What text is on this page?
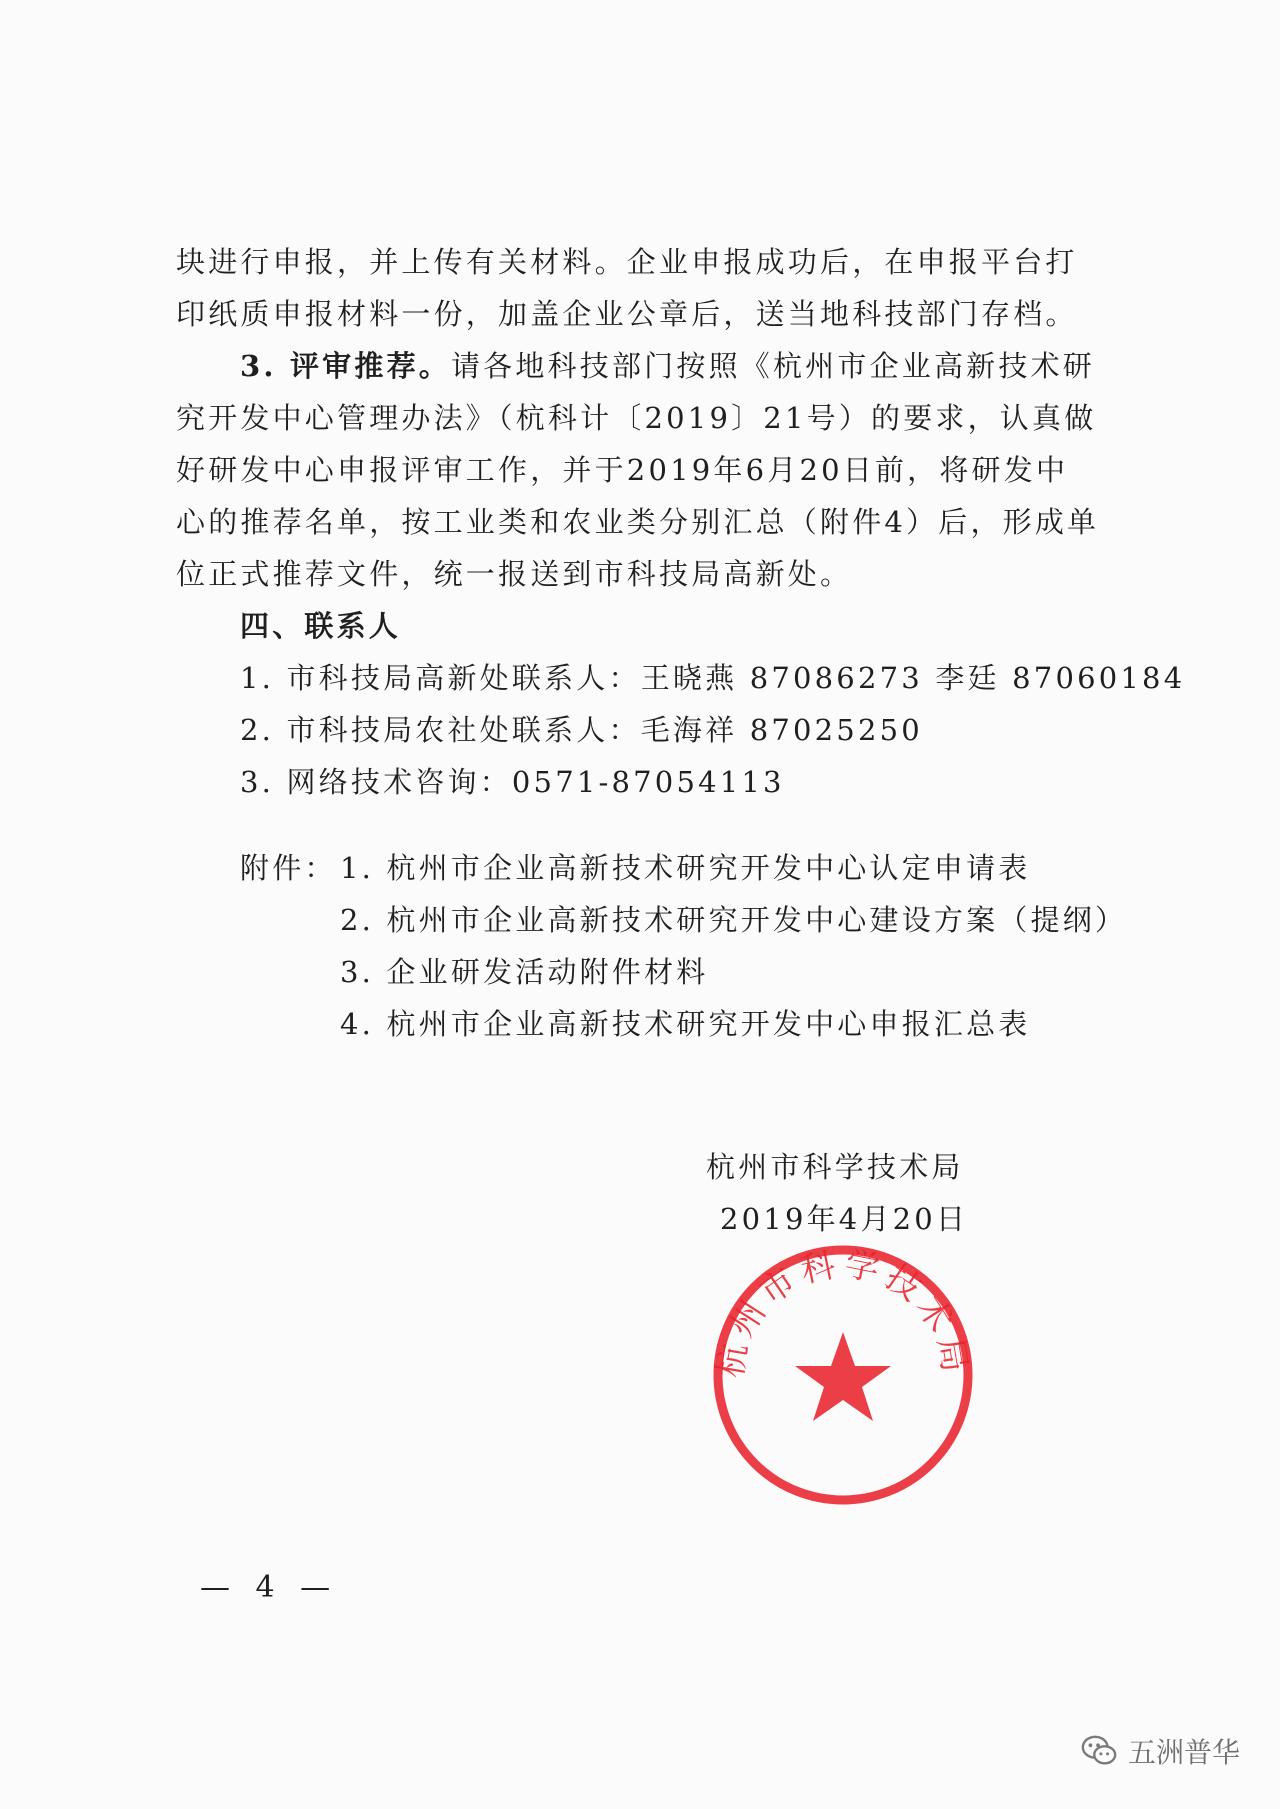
块进行申报，并上传有关材料。企业申报成功后，在申报平台打
印纸质申报材料一份，加盖企业公章后，送当地科技部门存档。
3. 评审推荐。请各地科技部门按照《杭州市企业高新技术研
究开发中心管理办法》（杭科计〔2019〕21号）的要求，认真做
好研发中心申报评审工作，并于2019年6月20日前，将研发中
心的推荐名单，按工业类和农业类分别汇总（附件4）后，形成单
位正式推荐文件，统一报送到市科技局高新处。
四、联系人
1. 市科技局高新处联系人：王晓燕 87086273 李廷 87060184
2. 市科技局农社处联系人：毛海祥 87025250
3. 网络技术咨询：0571-87054113
附件： 1. 杭州市企业高新技术研究开发中心认定申请表
2. 杭州市企业高新技术研究开发中心建设方案（提纲）
3. 企业研发活动附件材料
4. 杭州市企业高新技术研究开发中心申报汇总表
杭州市科学技术局
杭州市科学技术局
2019年4月20日
— 4 —
五洲普华
